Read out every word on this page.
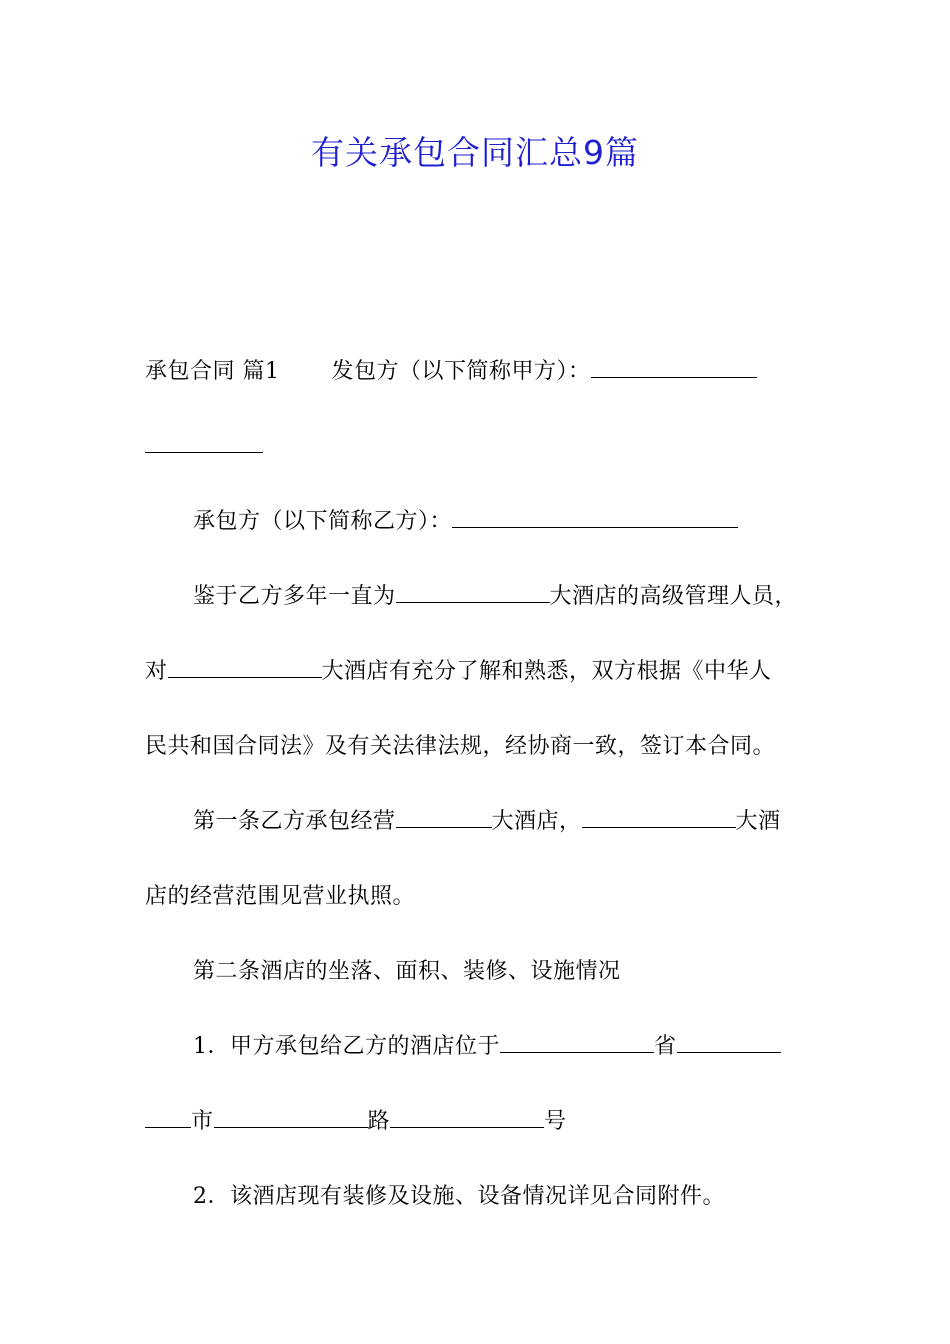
有关承包合同汇总9篇
承包合同 篇1 发包方（以下简称甲方）：
承包方（以下简称乙方）：
鉴于乙方多年一直为	大酒店的高级管理人员，
对	大酒店有充分了解和熟悉，双方根据《中华人
民共和国合同法》及有关法律法规，经协商一致，签订本合同。
第一条乙方承包经营	大酒店，	大酒
店的经营范围见营业执照。
第二条酒店的坐落、面积、装修、设施情况
1．甲方承包给乙方的酒店位于	省
市	路	号
2．该酒店现有装修及设施、设备情况详见合同附件。
